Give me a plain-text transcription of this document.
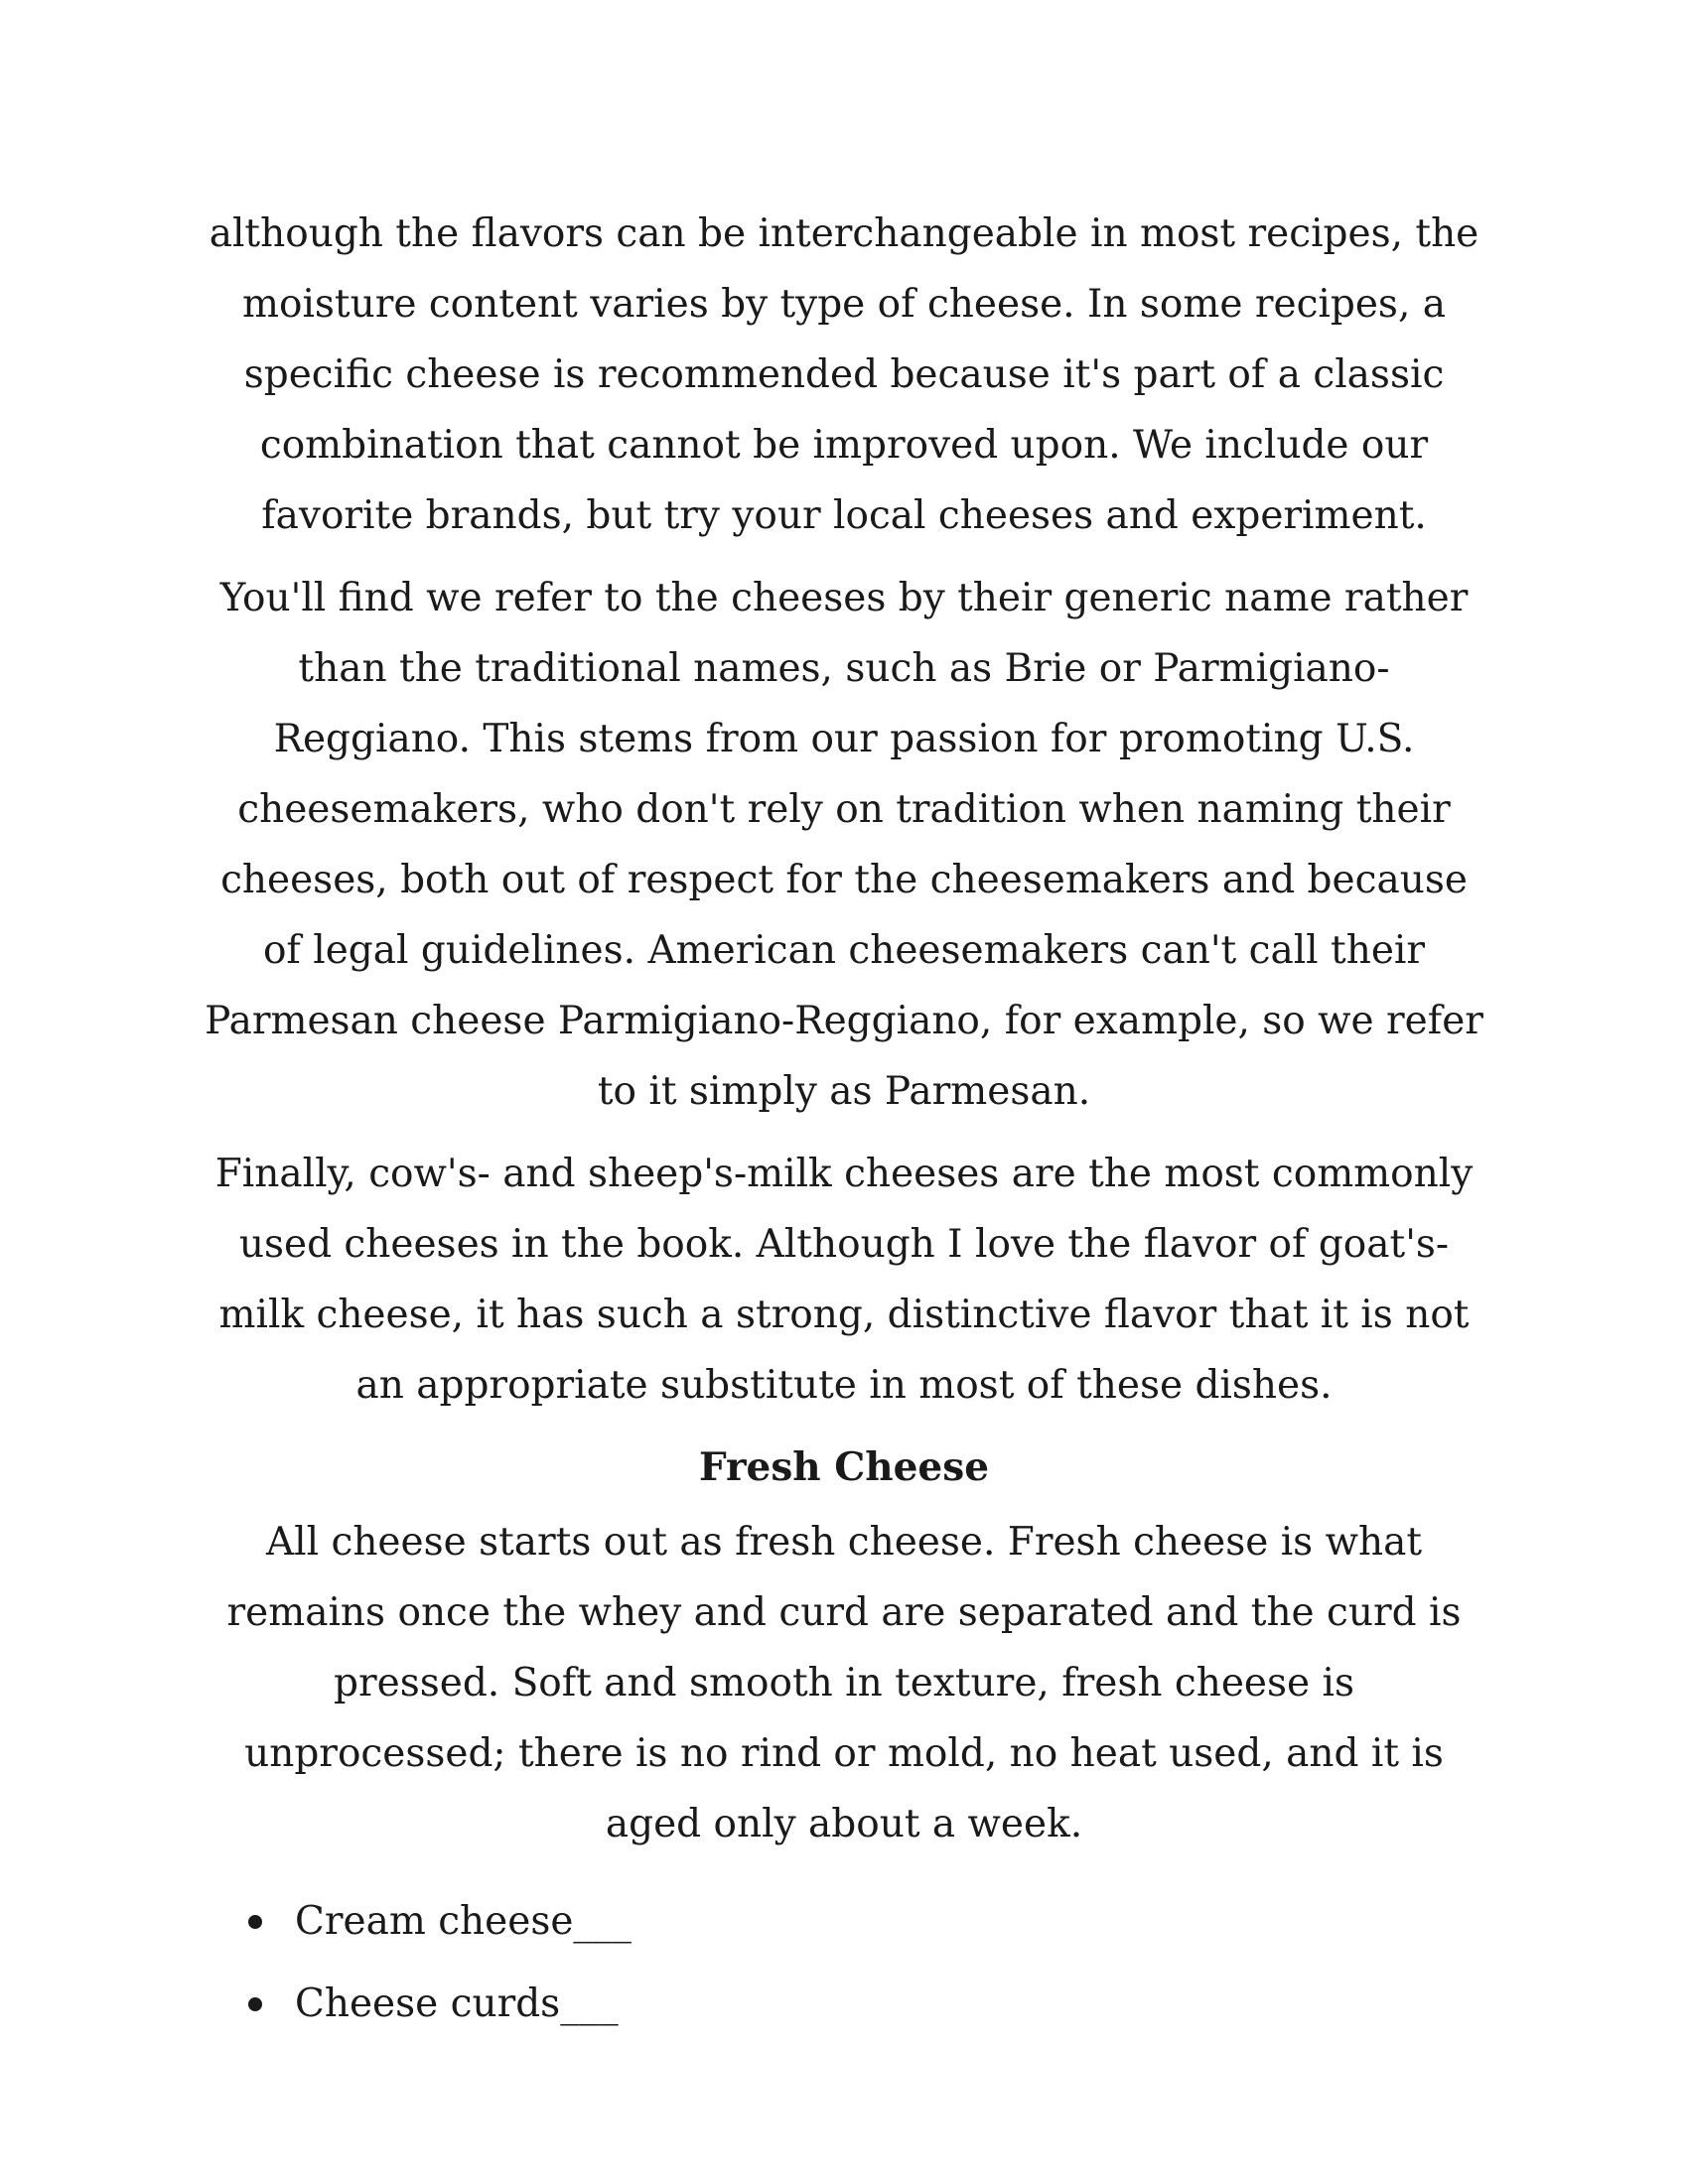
although the flavors can be interchangeable in most recipes, the moisture content varies by type of cheese. In some recipes, a specific cheese is recommended because it's part of a classic combination that cannot be improved upon. We include our favorite brands, but try your local cheeses and experiment.

You'll find we refer to the cheeses by their generic name rather than the traditional names, such as Brie or Parmigiano-Reggiano. This stems from our passion for promoting U.S. cheesemakers, who don't rely on tradition when naming their cheeses, both out of respect for the cheesemakers and because of legal guidelines. American cheesemakers can't call their Parmesan cheese Parmigiano-Reggiano, for example, so we refer to it simply as Parmesan.

Finally, cow's- and sheep's-milk cheeses are the most commonly used cheeses in the book. Although I love the flavor of goat's-milk cheese, it has such a strong, distinctive flavor that it is not an appropriate substitute in most of these dishes.

Fresh Cheese

All cheese starts out as fresh cheese. Fresh cheese is what remains once the whey and curd are separated and the curd is pressed. Soft and smooth in texture, fresh cheese is unprocessed; there is no rind or mold, no heat used, and it is aged only about a week.

Cream cheese___
Cheese curds___
